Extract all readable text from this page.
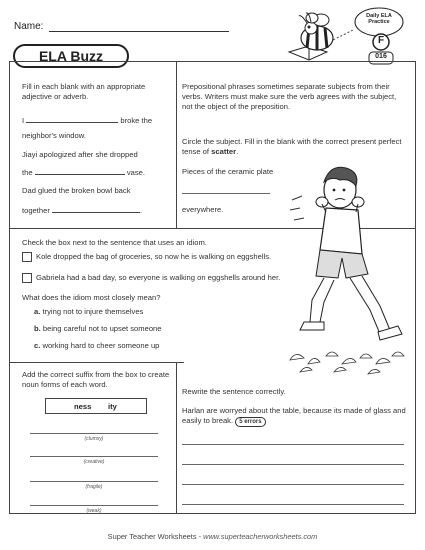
Name:
ELA Buzz
Daily ELA
Practice
F
016
Fill in each blank with an appropriate adjective or adverb.
I	broke the
neighbor's window.
Jiayi apologized after she dropped
the	vase.
Dad glued the broken bowl back
together	.
Prepositional phrases sometimes separate subjects from their verbs. Writers must make sure the verb agrees with the subject, not the object of the preposition.
Circle the subject. Fill in the blank with the correct present perfect tense of scatter.
Pieces of the ceramic plate
everywhere.
Check the box next to the sentence that uses an idiom.
Kole dropped the bag of groceries, so now he is walking on eggshells.
Gabriela had a bad day, so everyone is walking on eggshells around her.
What does the idiom most closely mean?
a. trying not to injure themselves
b. being careful not to upset someone
c. working hard to cheer someone up
Add the correct suffix from the box to create noun forms of each word.
ness ity
(clumsy)
(creative)
(fragile)
(weak)
Rewrite the sentence correctly.
Harlan are worryed about the table, because its made of glass and easily to break. 5 errors
Super Teacher Worksheets - www.superteacherworksheets.com
